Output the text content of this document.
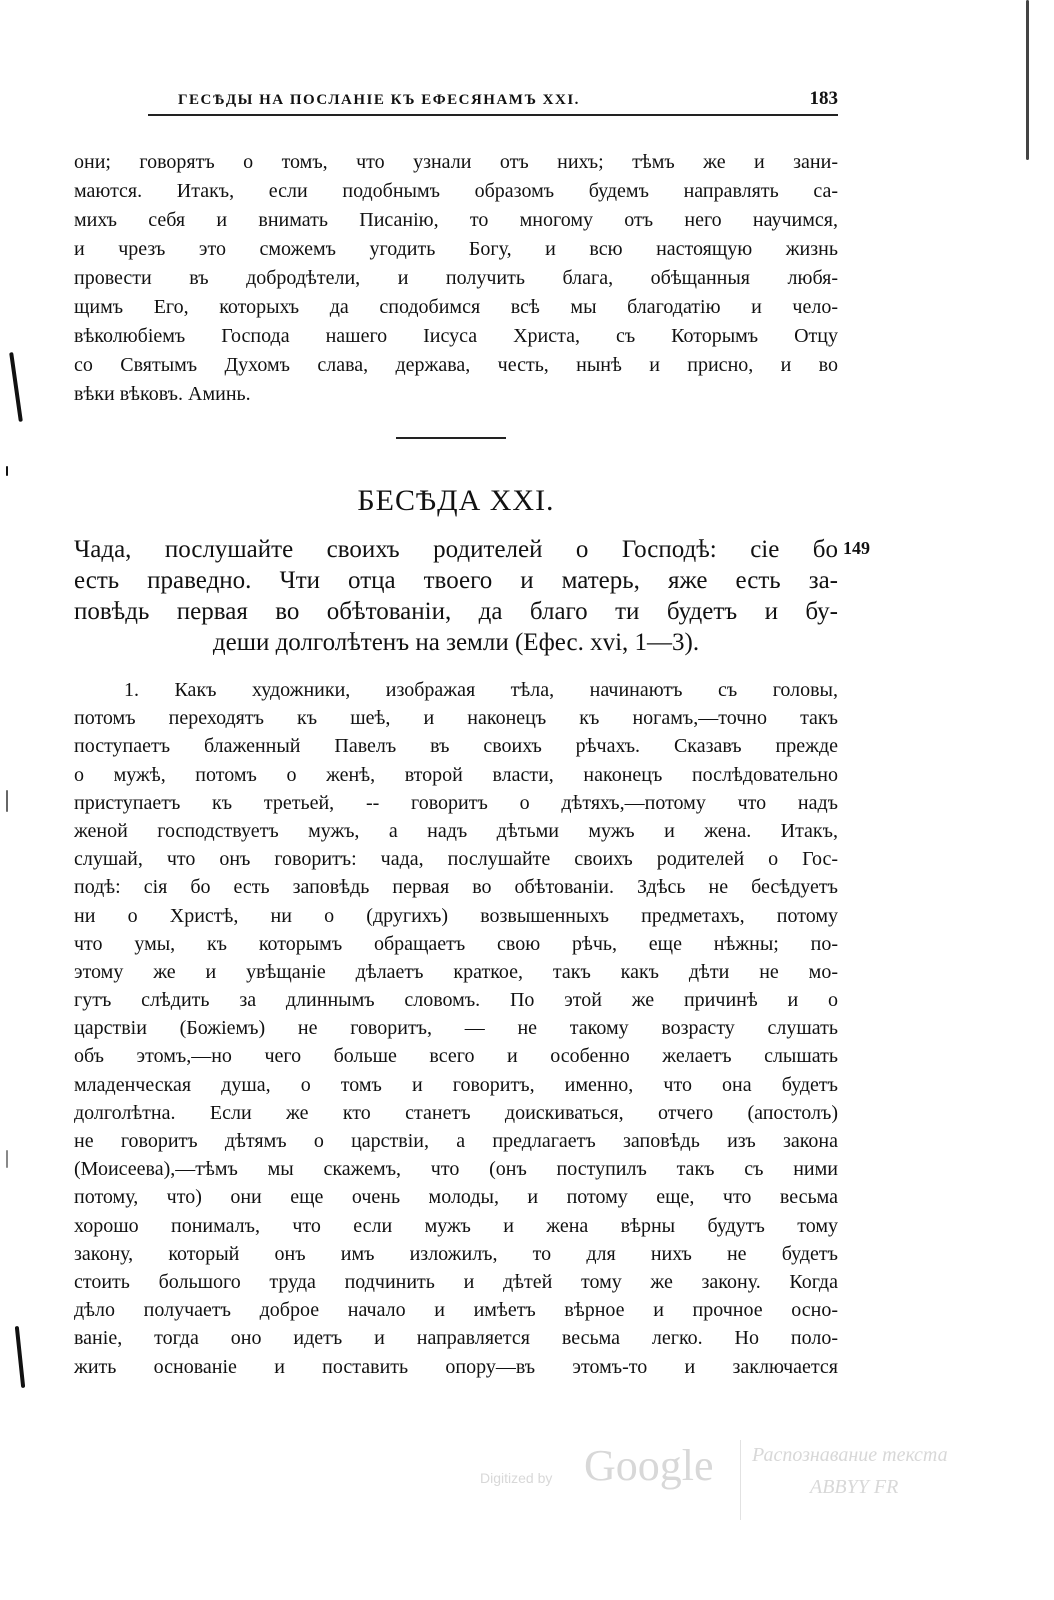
ГЕСѢДЫ НА ПОСЛАНІЕ КЪ ЕФЕСЯНАМЪ XXI.	183
они; говорятъ о томъ, что узнали отъ нихъ; тѣмъ же и зани-
маются. Итакъ, если подобнымъ образомъ будемъ направлять са-
михъ себя и внимать Писанію, то многому отъ него научимся,
и чрезъ это сможемъ угодить Богу, и всю настоящую жизнь
провести въ добродѣтели, и получить блага, обѣщанныя любя-
щимъ Его, которыхъ да сподобимся всѣ мы благодатію и чело-
вѣколюбіемъ Господа нашего Іисуса Христа, съ Которымъ Отцу
со Святымъ Духомъ слава, держава, честь, нынѣ и присно, и во
вѣки вѣковъ. Аминь.
БЕСѢДА XXI.
149
Чада, послушайте своихъ родителей о Господѣ: сіе бо
есть праведно. Чти отца твоего и матерь, яже есть за-
повѣдь первая во обѣтованіи, да благо ти будетъ и бу-
деши долголѣтенъ на земли (Ефес. xvi, 1—3).
1. Какъ художники, изображая тѣла, начинаютъ съ головы,
потомъ переходятъ къ шеѣ, и наконецъ къ ногамъ,—точно такъ
поступаетъ блаженный Павелъ въ своихъ рѣчахъ. Сказавъ прежде
о мужѣ, потомъ о женѣ, второй власти, наконецъ послѣдовательно
приступаетъ къ третьей, -- говоритъ о дѣтяхъ,—потому что надъ
женой господствуетъ мужъ, а надъ дѣтьми мужъ и жена. Итакъ,
слушай, что онъ говоритъ: чада, послушайте своихъ родителей о Гос-
подѣ: сія бо есть заповѣдь первая во обѣтованіи. Здѣсь не бесѣдуетъ
ни о Христѣ, ни о (другихъ) возвышенныхъ предметахъ, потому
что умы, къ которымъ обращаетъ свою рѣчь, еще нѣжны; по-
этому же и увѣщаніе дѣлаетъ краткое, такъ какъ дѣти не мо-
гутъ слѣдить за длиннымъ словомъ. По этой же причинѣ и о
царствіи (Божіемъ) не говоритъ, — не такому возрасту слушать
объ этомъ,—но чего больше всего и особенно желаетъ слышать
младенческая душа, о томъ и говоритъ, именно, что она будетъ
долголѣтна. Если же кто станетъ доискиваться, отчего (апостолъ)
не говоритъ дѣтямъ о царствіи, а предлагаетъ заповѣдь изъ закона
(Моисеева),—тѣмъ мы скажемъ, что (онъ поступилъ такъ съ ними
потому, что) они еще очень молоды, и потому еще, что весьма
хорошо понималъ, что если мужъ и жена вѣрны будутъ тому
закону, который онъ имъ изложилъ, то для нихъ не будетъ
стоить большого труда подчинить и дѣтей тому же закону. Когда
дѣло получаетъ доброе начало и имѣетъ вѣрное и прочное осно-
ваніе, тогда оно идетъ и направляется весьма легко. Но поло-
жить основаніе и поставить опору—въ этомъ-то и заключается
Digitized by Google Распознавание текста
ABBYY FR
